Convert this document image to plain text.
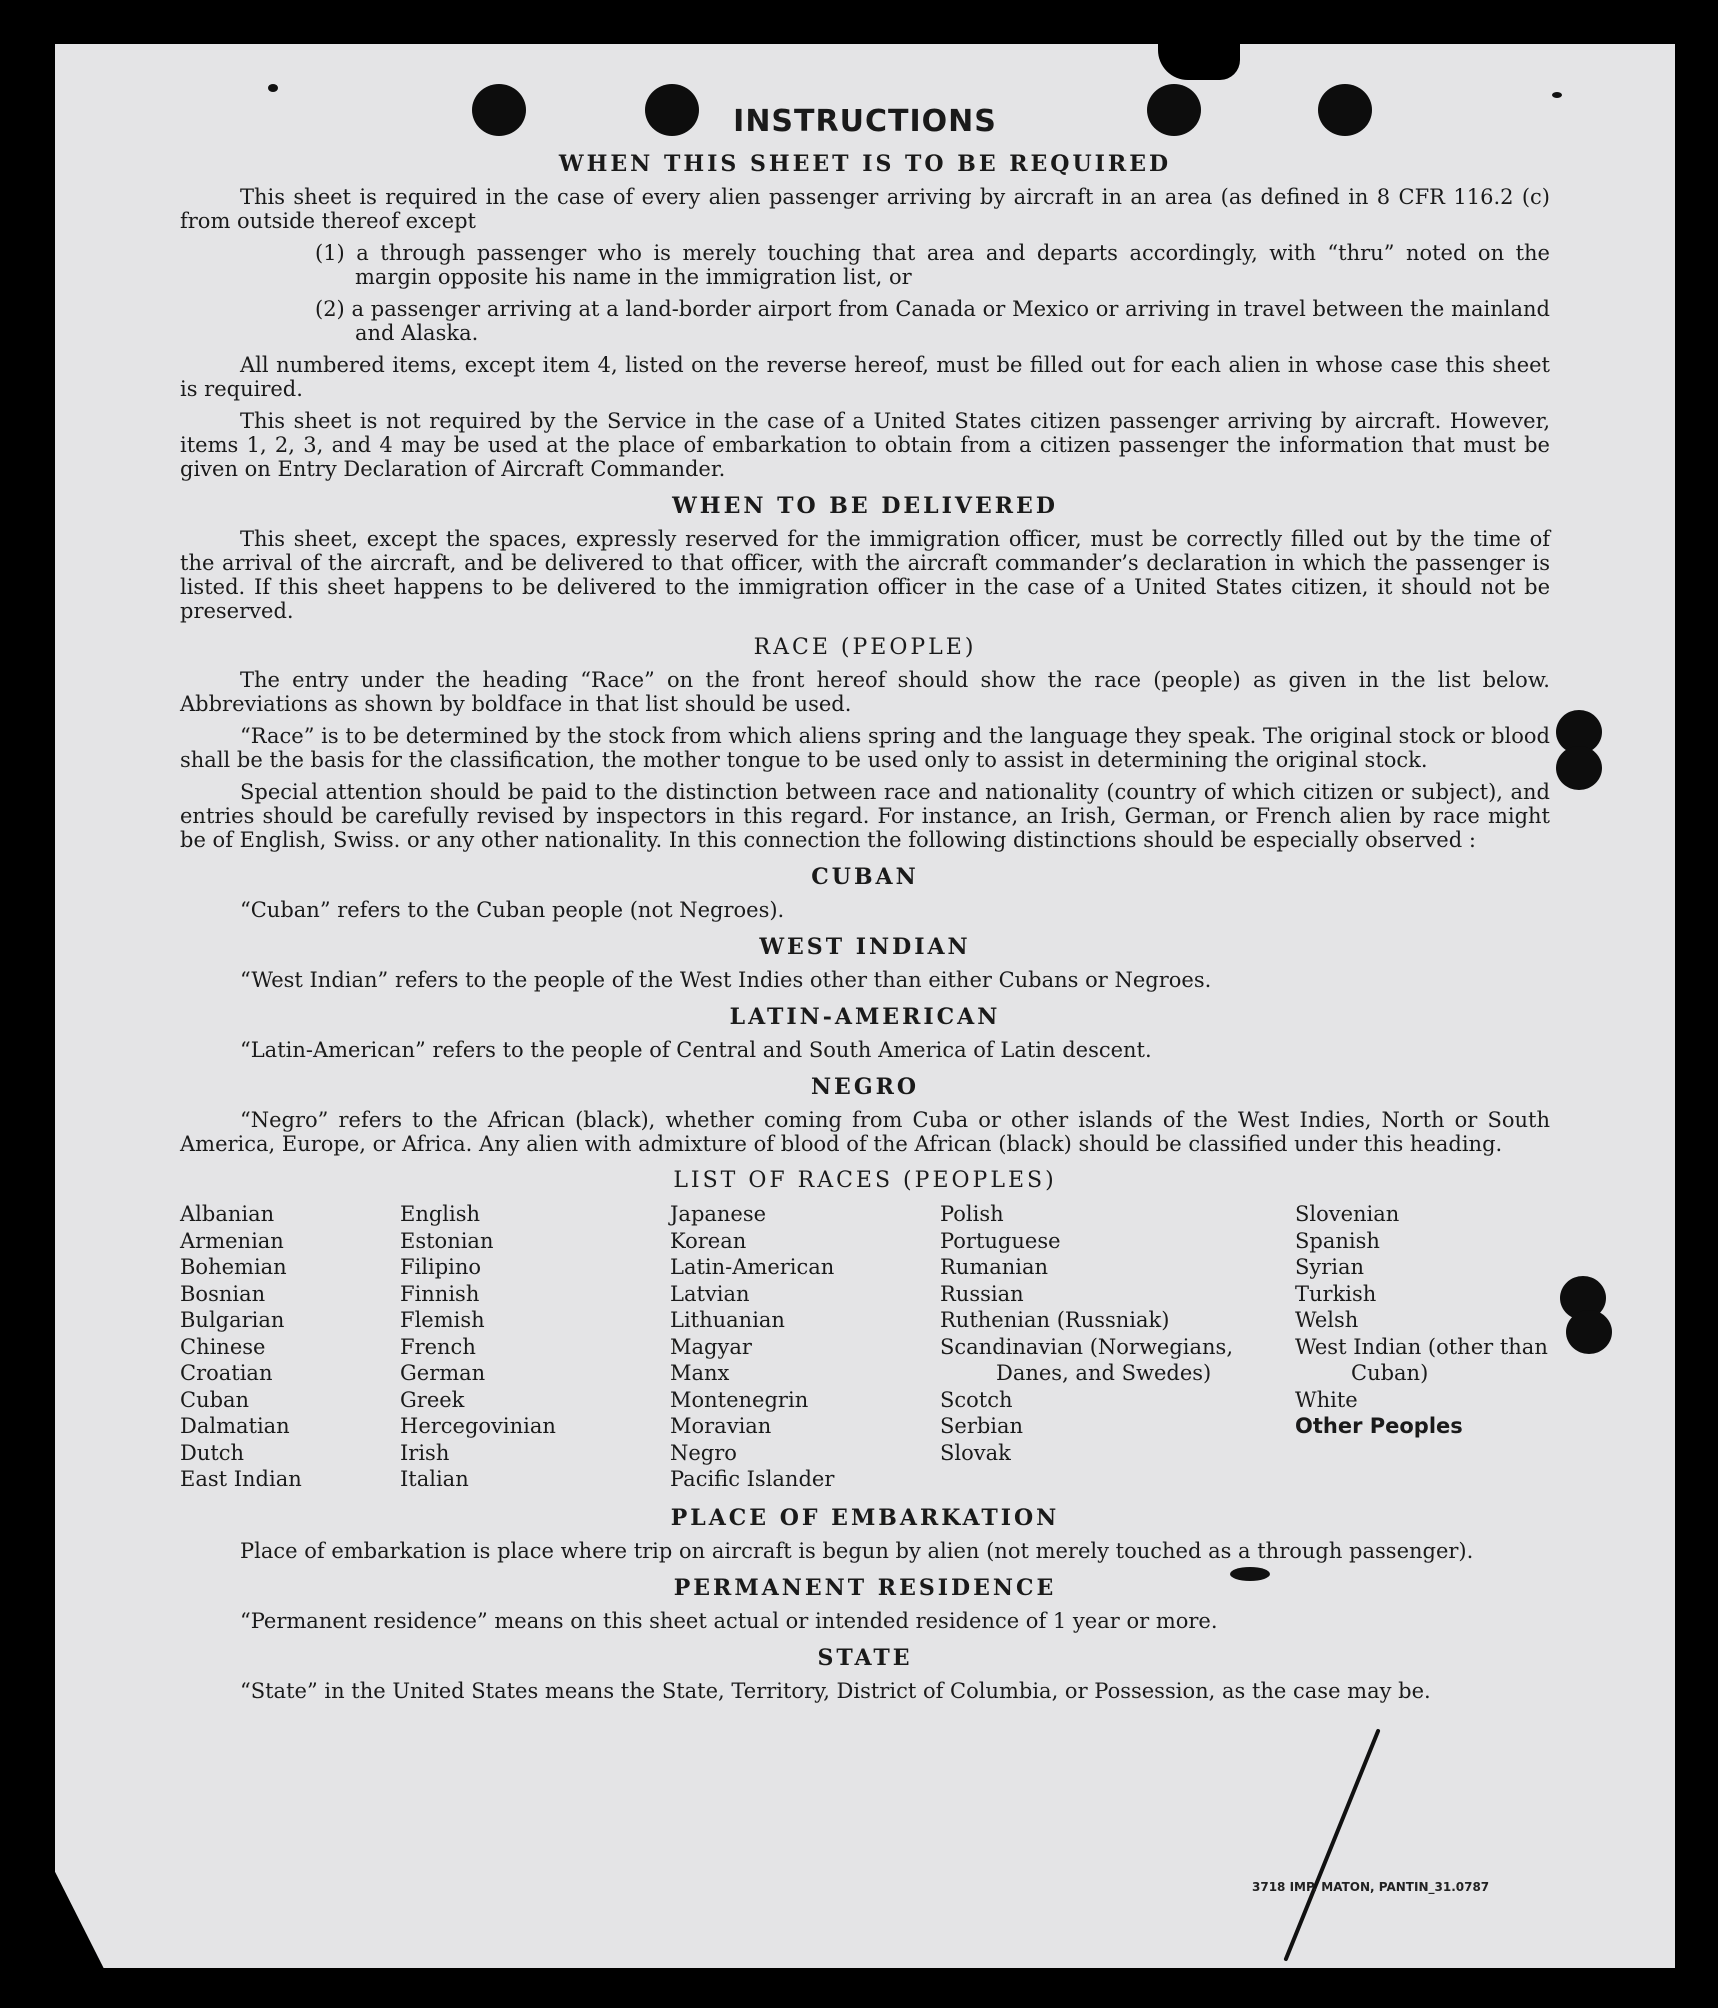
INSTRUCTIONS
WHEN THIS SHEET IS TO BE REQUIRED

This sheet is required in the case of every alien passenger arriving by aircraft in an area (as defined in 8 CFR 116.2 (c) from outside thereof except

(1) a through passenger who is merely touching that area and departs accordingly, with “thru” noted on the margin opposite his name in the immigration list, or
(2) a passenger arriving at a land-border airport from Canada or Mexico or arriving in travel between the mainland and Alaska.

All numbered items, except item 4, listed on the reverse hereof, must be filled out for each alien in whose case this sheet is required.

This sheet is not required by the Service in the case of a United States citizen passenger arriving by aircraft. However, items 1, 2, 3, and 4 may be used at the place of embarkation to obtain from a citizen passenger the information that must be given on Entry Declaration of Aircraft Commander.

WHEN TO BE DELIVERED

This sheet, except the spaces, expressly reserved for the immigration officer, must be correctly filled out by the time of the arrival of the aircraft, and be delivered to that officer, with the aircraft commander’s declaration in which the passenger is listed. If this sheet happens to be delivered to the immigration officer in the case of a United States citizen, it should not be preserved.

RACE (PEOPLE)

The entry under the heading “Race” on the front hereof should show the race (people) as given in the list below. Abbreviations as shown by boldface in that list should be used.

“Race” is to be determined by the stock from which aliens spring and the language they speak. The original stock or blood shall be the basis for the classification, the mother tongue to be used only to assist in determining the original stock.

Special attention should be paid to the distinction between race and nationality (country of which citizen or subject), and entries should be carefully revised by inspectors in this regard. For instance, an Irish, German, or French alien by race might be of English, Swiss. or any other nationality. In this connection the following distinctions should be especially observed :

CUBAN

“Cuban” refers to the Cuban people (not Negroes).

WEST INDIAN

“West Indian” refers to the people of the West Indies other than either Cubans or Negroes.

LATIN-AMERICAN

“Latin-American” refers to the people of Central and South America of Latin descent.

NEGRO

“Negro” refers to the African (black), whether coming from Cuba or other islands of the West Indies, North or South America, Europe, or Africa. Any alien with admixture of blood of the African (black) should be classified under this heading.

LIST OF RACES (PEOPLES)
Albanian
Armenian
Bohemian
Bosnian
Bulgarian
Chinese
Croatian
Cuban
Dalmatian
Dutch
East Indian
English
Estonian
Filipino
Finnish
Flemish
French
German
Greek
Hercegovinian
Irish
Italian
Japanese
Korean
Latin-American
Latvian
Lithuanian
Magyar
Manx
Montenegrin
Moravian
Negro
Pacific Islander
Polish
Portuguese
Rumanian
Russian
Ruthenian (Russniak)
Scandinavian (Norwegians, Danes, and Swedes)
Scotch
Serbian
Slovak
Slovenian
Spanish
Syrian
Turkish
Welsh
West Indian (other than Cuban)
White
Other Peoples
PLACE OF EMBARKATION

Place of embarkation is place where trip on aircraft is begun by alien (not merely touched as a through passenger).

PERMANENT RESIDENCE

“Permanent residence” means on this sheet actual or intended residence of 1 year or more.

STATE

“State” in the United States means the State, Territory, District of Columbia, or Possession, as the case may be.

3718 IMP. MATON, PANTIN_31.0787
